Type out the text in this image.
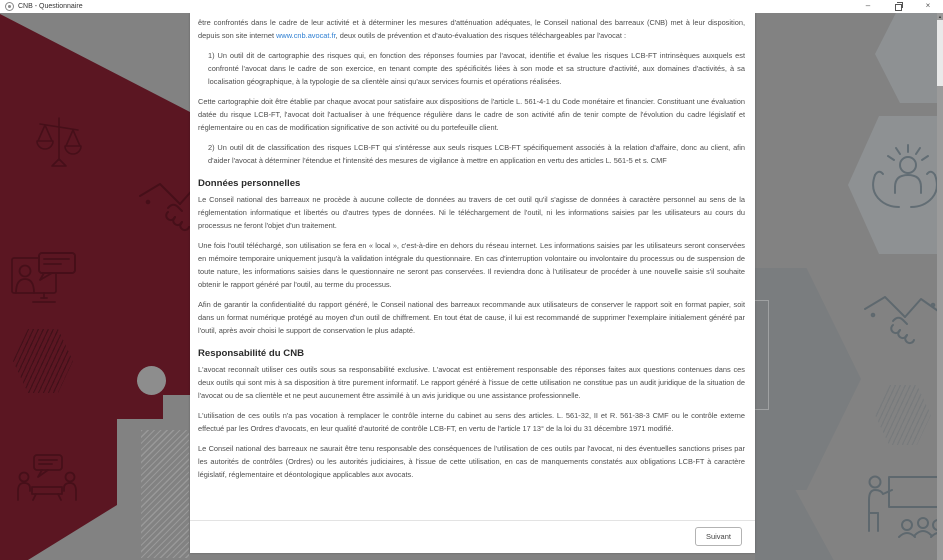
CNB - Questionnaire	–	×
▲

être confrontés dans le cadre de leur activité et à déterminer les mesures d'atténuation adéquates, le Conseil national des barreaux (CNB) met à leur disposition, depuis son site internet www.cnb.avocat.fr, deux outils de prévention et d'auto-évaluation des risques téléchargeables par l'avocat :

1) Un outil dit de cartographie des risques qui, en fonction des réponses fournies par l'avocat, identifie et évalue les risques LCB-FT intrinsèques auxquels est confronté l'avocat dans le cadre de son exercice, en tenant compte des spécificités liées à son mode et sa structure d'activité, aux domaines d'activités, à sa localisation géographique, à la typologie de sa clientèle ainsi qu'aux services fournis et opérations réalisées.

Cette cartographie doit être établie par chaque avocat pour satisfaire aux dispositions de l'article L. 561-4-1 du Code monétaire et financier. Constituant une évaluation datée du risque LCB-FT, l'avocat doit l'actualiser à une fréquence régulière dans le cadre de son activité afin de tenir compte de l'évolution du cadre législatif et réglementaire ou en cas de modification significative de son activité ou du portefeuille client.

2) Un outil dit de classification des risques LCB-FT qui s'intéresse aux seuls risques LCB-FT spécifiquement associés à la relation d'affaire, donc au client, afin d'aider l'avocat à déterminer l'étendue et l'intensité des mesures de vigilance à mettre en application en vertu des articles L. 561-5 et s. CMF

Données personnelles

Le Conseil national des barreaux ne procède à aucune collecte de données au travers de cet outil qu'il s'agisse de données à caractère personnel au sens de la réglementation informatique et libertés ou d'autres types de données. Ni le téléchargement de l'outil, ni les informations saisies par les utilisateurs au cours du processus ne feront l'objet d'un traitement.

Une fois l'outil téléchargé, son utilisation se fera en « local », c'est-à-dire en dehors du réseau internet. Les informations saisies par les utilisateurs seront conservées en mémoire temporaire uniquement jusqu'à la validation intégrale du questionnaire. En cas d'interruption volontaire ou involontaire du processus ou de suspension de toute nature, les informations saisies dans le questionnaire ne seront pas conservées. Il reviendra donc à l'utilisateur de procéder à une nouvelle saisie s'il souhaite obtenir le rapport généré par l'outil, au terme du processus.

Afin de garantir la confidentialité du rapport généré, le Conseil national des barreaux recommande aux utilisateurs de conserver le rapport soit en format papier, soit dans un format numérique protégé au moyen d'un outil de chiffrement. En tout état de cause, il lui est recommandé de supprimer l'exemplaire initialement généré par l'outil, après avoir choisi le support de conservation le plus adapté.

Responsabilité du CNB

L'avocat reconnaît utiliser ces outils sous sa responsabilité exclusive. L'avocat est entièrement responsable des réponses faites aux questions contenues dans ces deux outils qui sont mis à sa disposition à titre purement informatif. Le rapport généré à l'issue de cette utilisation ne constitue pas un audit juridique de la situation de l'avocat ou de sa clientèle et ne peut aucunement être assimilé à un avis juridique ou une assistance professionnelle.

L'utilisation de ces outils n'a pas vocation à remplacer le contrôle interne du cabinet au sens des articles. L. 561-32, II et R. 561-38-3 CMF ou le contrôle externe effectué par les Ordres d'avocats, en leur qualité d'autorité de contrôle LCB-FT, en vertu de l'article 17 13° de la loi du 31 décembre 1971 modifié.

Le Conseil national des barreaux ne saurait être tenu responsable des conséquences de l'utilisation de ces outils par l'avocat, ni des éventuelles sanctions prises par les autorités de contrôles (Ordres) ou les autorités judiciaires, à l'issue de cette utilisation, en cas de manquements constatés aux obligations LCB-FT à caractère législatif, réglementaire et déontologique applicables aux avocats.

Suivant
